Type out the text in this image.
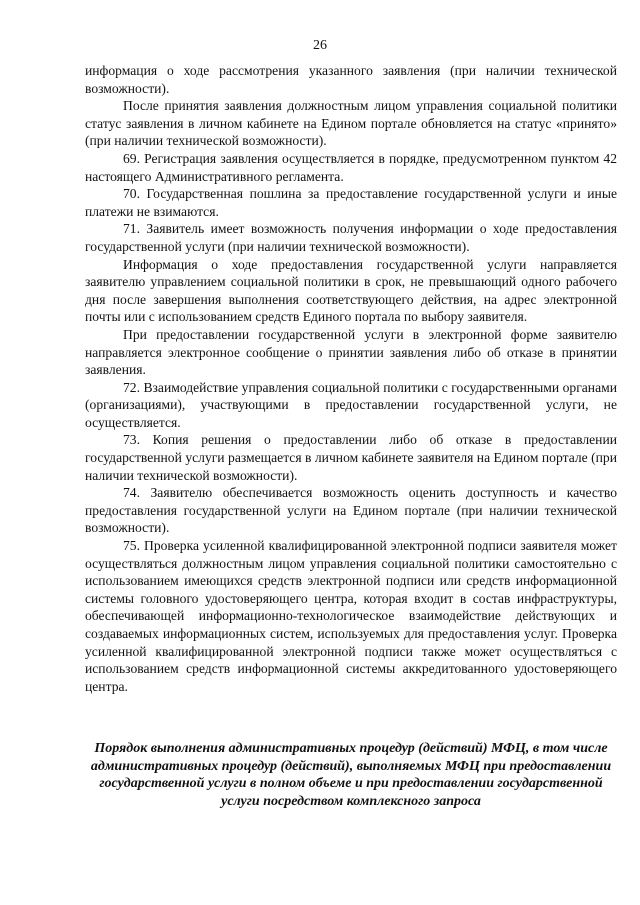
26

информация о ходе рассмотрения указанного заявления (при наличии технической возможности).

После принятия заявления должностным лицом управления социальной политики статус заявления в личном кабинете на Едином портале обновляется на статус «принято» (при наличии технической возможности).

69. Регистрация заявления осуществляется в порядке, предусмотренном пунктом 42 настоящего Административного регламента.

70. Государственная пошлина за предоставление государственной услуги и иные платежи не взимаются.

71. Заявитель имеет возможность получения информации о ходе предоставления государственной услуги (при наличии технической возможности).

Информация о ходе предоставления государственной услуги направляется заявителю управлением социальной политики в срок, не превышающий одного рабочего дня после завершения выполнения соответствующего действия, на адрес электронной почты или с использованием средств Единого портала по выбору заявителя.

При предоставлении государственной услуги в электронной форме заявителю направляется электронное сообщение о принятии заявления либо об отказе в принятии заявления.

72. Взаимодействие управления социальной политики с государственными органами (организациями), участвующими в предоставлении государственной услуги, не осуществляется.

73. Копия решения о предоставлении либо об отказе в предоставлении государственной услуги размещается в личном кабинете заявителя на Едином портале (при наличии технической возможности).

74. Заявителю обеспечивается возможность оценить доступность и качество предоставления государственной услуги на Едином портале (при наличии технической возможности).

75. Проверка усиленной квалифицированной электронной подписи заявителя может осуществляться должностным лицом управления социальной политики самостоятельно с использованием имеющихся средств электронной подписи или средств информационной системы головного удостоверяющего центра, которая входит в состав инфраструктуры, обеспечивающей информационно-технологическое взаимодействие действующих и создаваемых информационных систем, используемых для предоставления услуг. Проверка усиленной квалифицированной электронной подписи также может осуществляться с использованием средств информационной системы аккредитованного удостоверяющего центра.

Порядок выполнения административных процедур (действий) МФЦ, в том числе административных процедур (действий), выполняемых МФЦ при предоставлении государственной услуги в полном объеме и при предоставлении государственной услуги посредством комплексного запроса
